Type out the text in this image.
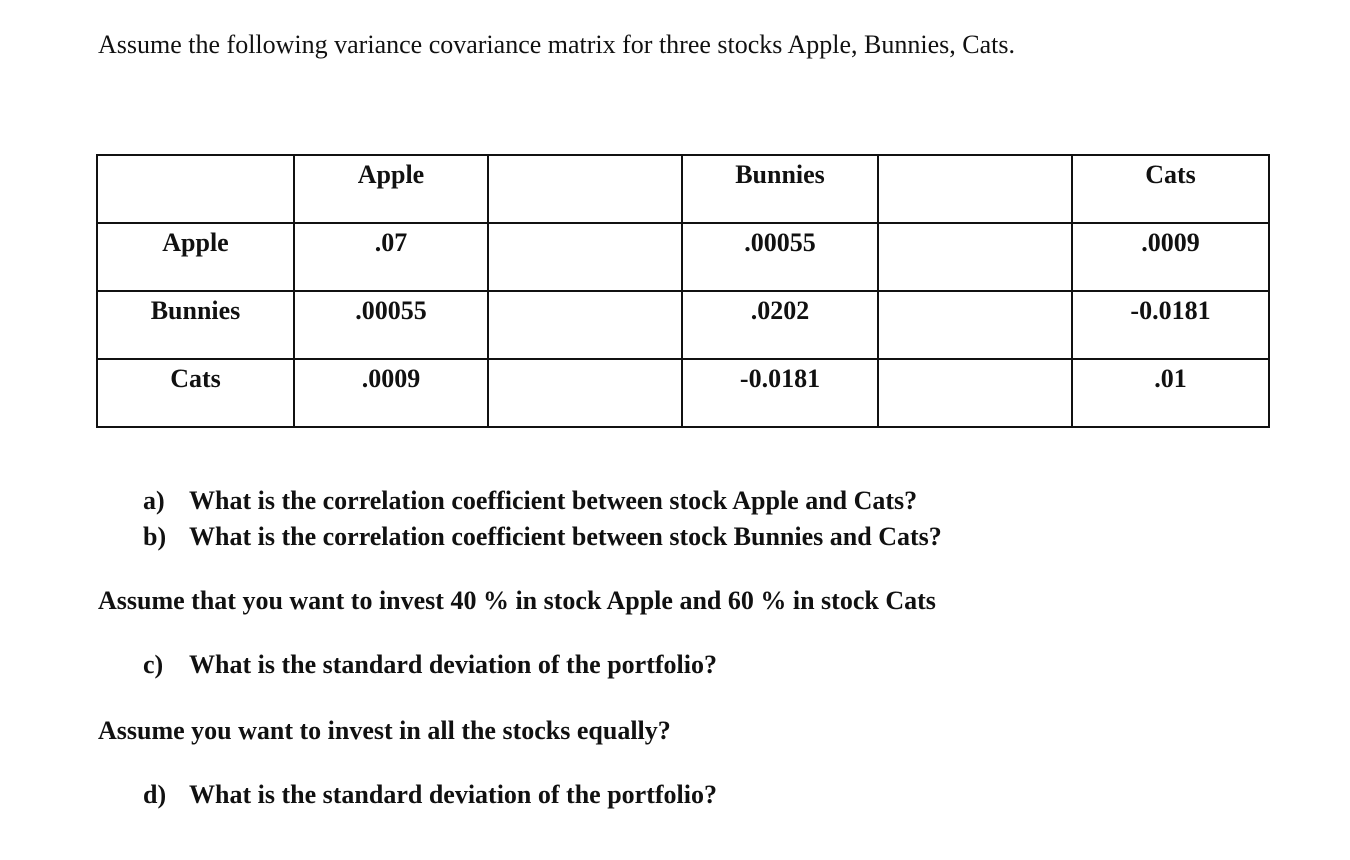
Assume the following variance covariance matrix for three stocks Apple, Bunnies, Cats.
	Apple		Bunnies		Cats
Apple	.07		.00055		.0009
Bunnies	.00055		.0202		-0.0181
Cats	.0009		-0.0181		.01
a) What is the correlation coefficient between stock Apple and Cats?
b) What is the correlation coefficient between stock Bunnies and Cats?
Assume that you want to invest 40 % in stock Apple and 60 % in stock Cats
c) What is the standard deviation of the portfolio?
Assume you want to invest in all the stocks equally?
d) What is the standard deviation of the portfolio?
